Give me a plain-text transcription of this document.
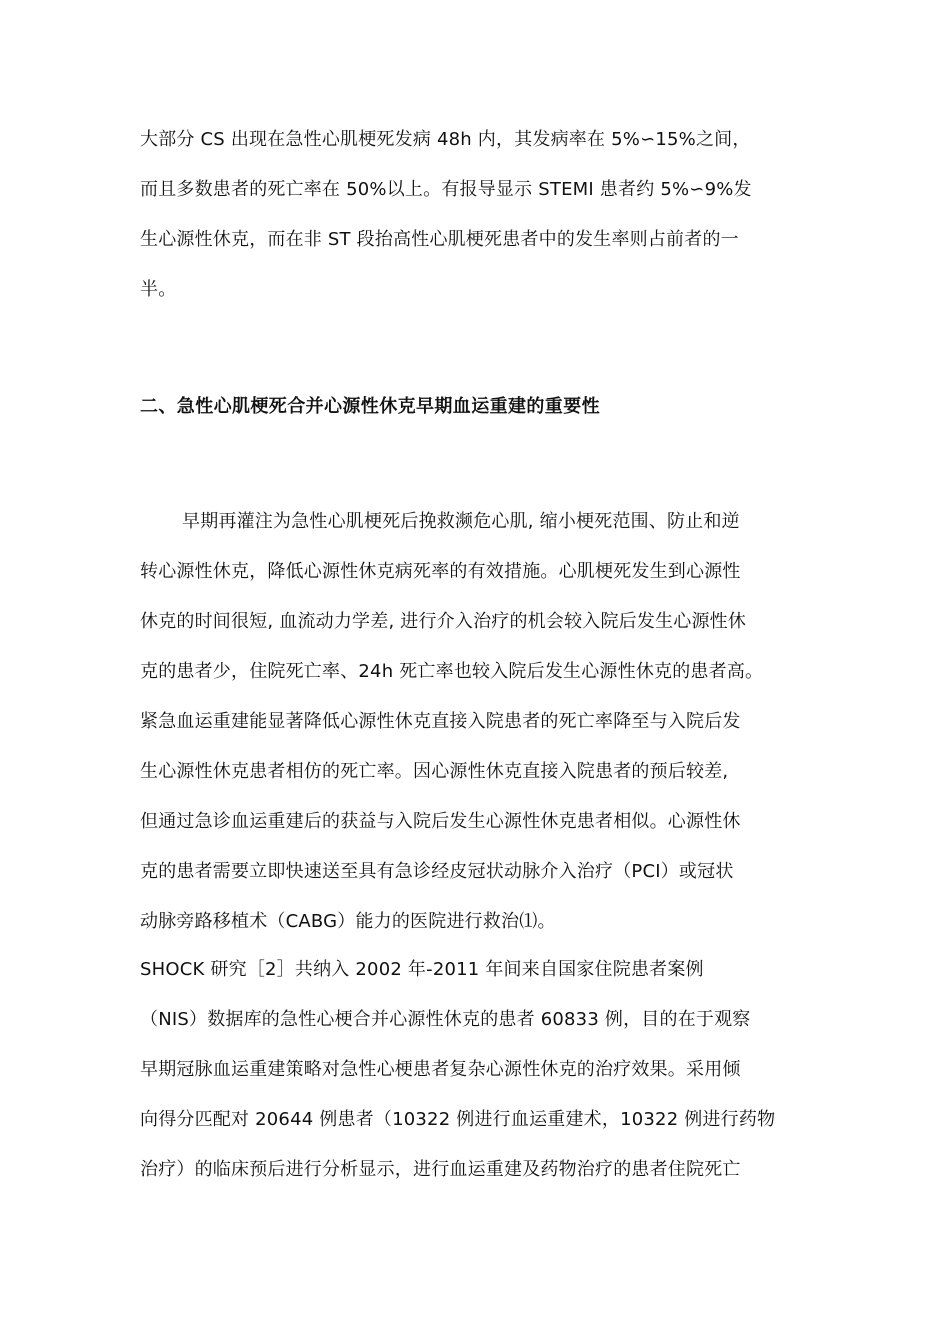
大部分 CS 出现在急性心肌梗死发病 48h 内，其发病率在 5%∽15%之间，
而且多数患者的死亡率在 50%以上。有报导显示 STEMI 患者约 5%∽9%发
生心源性休克，而在非 ST 段抬高性心肌梗死患者中的发生率则占前者的一
半。
二、急性心肌梗死合并心源性休克早期血运重建的重要性
早期再灌注为急性心肌梗死后挽救濒危心肌, 缩小梗死范围、防止和逆
转心源性休克，降低心源性休克病死率的有效措施。心肌梗死发生到心源性
休克的时间很短, 血流动力学差, 进行介入治疗的机会较入院后发生心源性休
克的患者少，住院死亡率、24h 死亡率也较入院后发生心源性休克的患者高。
紧急血运重建能显著降低心源性休克直接入院患者的死亡率降至与入院后发
生心源性休克患者相仿的死亡率。因心源性休克直接入院患者的预后较差,
但通过急诊血运重建后的获益与入院后发生心源性休克患者相似。心源性休
克的患者需要立即快速送至具有急诊经皮冠状动脉介入治疗（PCI）或冠状
动脉旁路移植术（CABG）能力的医院进行救治⑴。
SHOCK 研究［2］共纳入 2002 年-2011 年间来自国家住院患者案例
（NIS）数据库的急性心梗合并心源性休克的患者 60833 例，目的在于观察
早期冠脉血运重建策略对急性心梗患者复杂心源性休克的治疗效果。采用倾
向得分匹配对 20644 例患者（10322 例进行血运重建术，10322 例进行药物
治疗）的临床预后进行分析显示，进行血运重建及药物治疗的患者住院死亡
